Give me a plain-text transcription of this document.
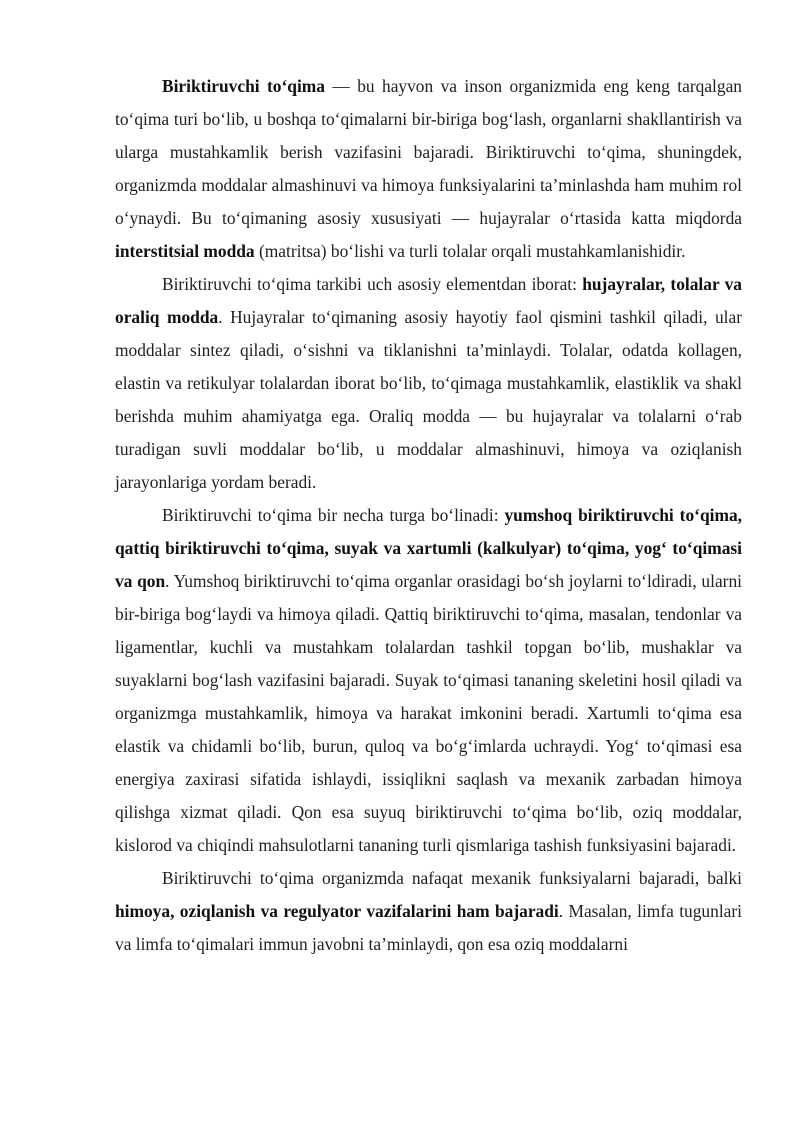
Biriktiruvchi to‘qima — bu hayvon va inson organizmida eng keng tarqalgan to‘qima turi bo‘lib, u boshqa to‘qimalarni bir-biriga bog‘lash, organlarni shakllantirish va ularga mustahkamlik berish vazifasini bajaradi. Biriktiruvchi to‘qima, shuningdek, organizmda moddalar almashinuvi va himoya funksiyalarini ta’minlashda ham muhim rol o‘ynaydi. Bu to‘qimaning asosiy xususiyati — hujayralar o‘rtasida katta miqdorda interstitsial modda (matritsa) bo‘lishi va turli tolalar orqali mustahkamlanishidir.

Biriktiruvchi to‘qima tarkibi uch asosiy elementdan iborat: hujayralar, tolalar va oraliq modda. Hujayralar to‘qimaning asosiy hayotiy faol qismini tashkil qiladi, ular moddalar sintez qiladi, o‘sishni va tiklanishni ta’minlaydi. Tolalar, odatda kollagen, elastin va retikulyar tolalardan iborat bo‘lib, to‘qimaga mustahkamlik, elastiklik va shakl berishda muhim ahamiyatga ega. Oraliq modda — bu hujayralar va tolalarni o‘rab turadigan suvli moddalar bo‘lib, u moddalar almashinuvi, himoya va oziqlanish jarayonlariga yordam beradi.

Biriktiruvchi to‘qima bir necha turga bo‘linadi: yumshoq biriktiruvchi to‘qima, qattiq biriktiruvchi to‘qima, suyak va xartumli (kalkulyar) to‘qima, yog‘ to‘qimasi va qon. Yumshoq biriktiruvchi to‘qima organlar orasidagi bo‘sh joylarni to‘ldiradi, ularni bir-biriga bog‘laydi va himoya qiladi. Qattiq biriktiruvchi to‘qima, masalan, tendonlar va ligamentlar, kuchli va mustahkam tolalardan tashkil topgan bo‘lib, mushaklar va suyaklarni bog‘lash vazifasini bajaradi. Suyak to‘qimasi tananing skeletini hosil qiladi va organizmga mustahkamlik, himoya va harakat imkonini beradi. Xartumli to‘qima esa elastik va chidamli bo‘lib, burun, quloq va bo‘g‘imlarda uchraydi. Yog‘ to‘qimasi esa energiya zaxirasi sifatida ishlaydi, issiqlikni saqlash va mexanik zarbadan himoya qilishga xizmat qiladi. Qon esa suyuq biriktiruvchi to‘qima bo‘lib, oziq moddalar, kislorod va chiqindi mahsulotlarni tananing turli qismlariga tashish funksiyasini bajaradi.

Biriktiruvchi to‘qima organizmda nafaqat mexanik funksiyalarni bajaradi, balki himoya, oziqlanish va regulyator vazifalarini ham bajaradi. Masalan, limfa tugunlari va limfa to‘qimalari immun javobni ta’minlaydi, qon esa oziq moddalarni
